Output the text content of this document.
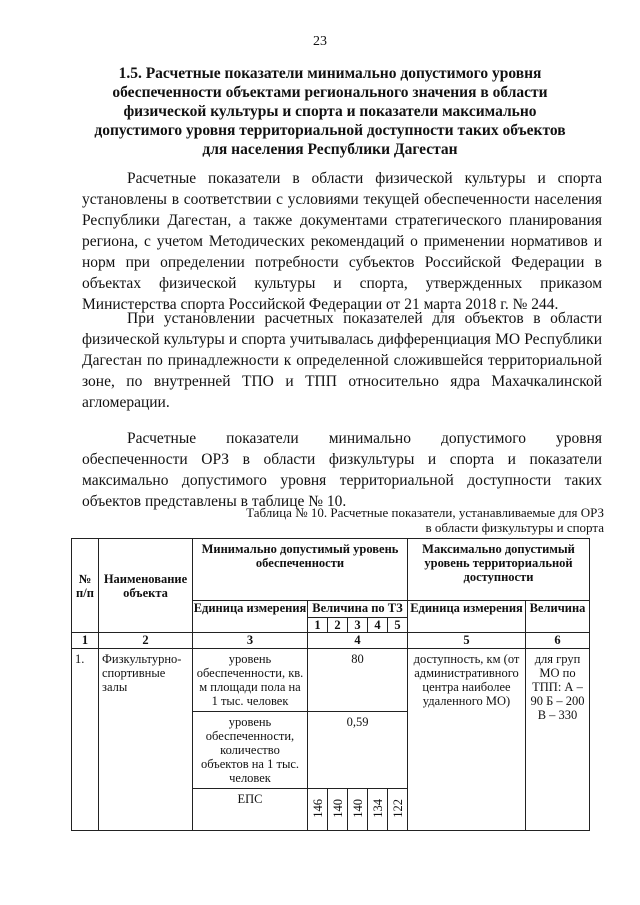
23
1.5. Расчетные показатели минимально допустимого уровня обеспеченности объектами регионального значения в области физической культуры и спорта и показатели максимально допустимого уровня территориальной доступности таких объектов для населения Республики Дагестан

Расчетные показатели в области физической культуры и спорта установлены в соответствии с условиями текущей обеспеченности населения Республики Дагестан, а также документами стратегического планирования региона, с учетом Методических рекомендаций о применении нормативов и норм при определении потребности субъектов Российской Федерации в объектах физической культуры и спорта, утвержденных приказом Министерства спорта Российской Федерации от 21 марта 2018 г. № 244.

При установлении расчетных показателей для объектов в области физической культуры и спорта учитывалась дифференциация МО Республики Дагестан по принадлежности к определенной сложившейся территориальной зоне, по внутренней ТПО и ТПП относительно ядра Махачкалинской агломерации.

Расчетные показатели минимально допустимого уровня обеспеченности ОРЗ в области физкультуры и спорта и показатели максимально допустимого уровня территориальной доступности таких объектов представлены в таблице № 10.

Таблица № 10. Расчетные показатели, устанавливаемые для ОРЗ
в области физкультуры и спорта
№ п/п	Наименование объекта	Минимально допустимый уровень обеспеченности						Максимально допустимый уровень территориальной доступности	
		Единица измерения	Величина по ТЗ					Единица измерения	Величина
			1	2	3	4	5		
1	2	3	4					5	6
1.	Физкультурно-спортивные залы	уровень обеспеченности, кв. м площади пола на 1 тыс. человек	80					доступность, км (от административного центра наиболее удаленного МО)	для груп МО по ТПП: А – 90 Б – 200 В – 330
		уровень обеспеченности, количество объектов на 1 тыс. человек	0,59						
		ЕПС	146	140	140	134	122		
